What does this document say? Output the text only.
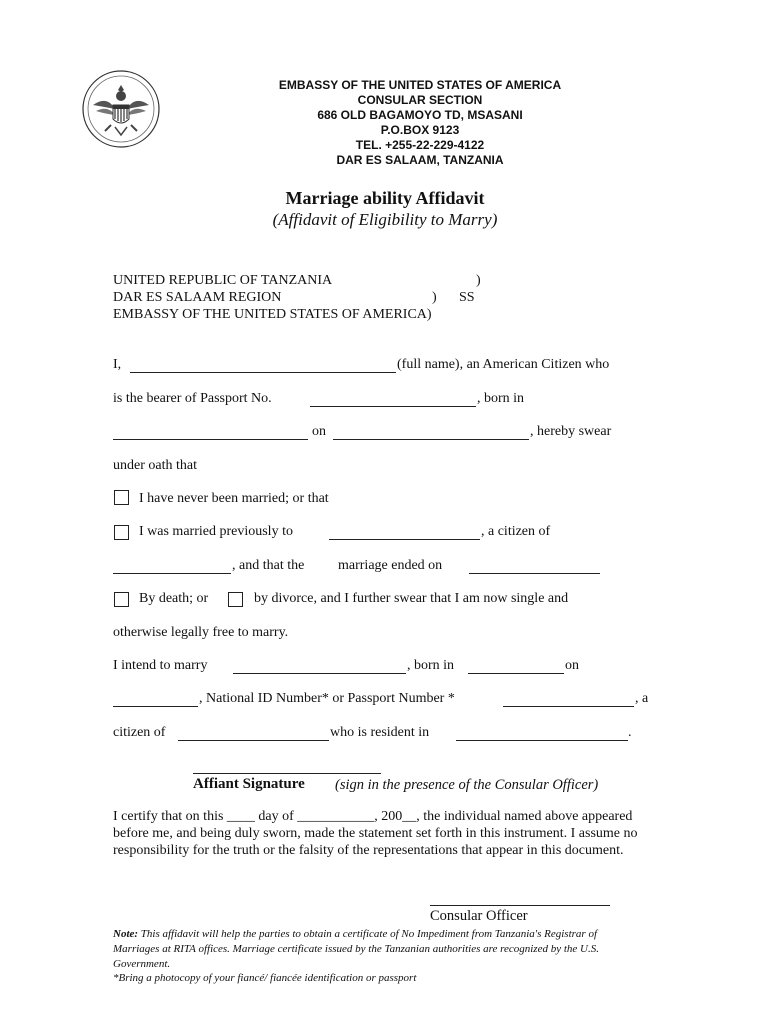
EMBASSY OF THE UNITED STATES OF AMERICA
CONSULAR SECTION
686 OLD BAGAMOYO TD, MSASANI
P.O.BOX 9123
TEL. +255-22-229-4122
DAR ES SALAAM, TANZANIA
Marriage ability Affidavit
(Affidavit of Eligibility to Marry)
UNITED REPUBLIC OF TANZANIA	)
DAR ES SALAAM REGION	) SS
EMBASSY OF THE UNITED STATES OF AMERICA)
I,	(full name), an American Citizen who
is the bearer of Passport No.	, born in
on	, hereby swear
under oath that
I have never been married; or that
I was married previously to	, a citizen of
, and that the marriage ended on
By death; or	by divorce, and I further swear that I am now single and
otherwise legally free to marry.
I intend to marry	, born in	on
, National ID Number* or Passport Number *	, a
citizen of	who is resident in	.
Affiant Signature (sign in the presence of the Consular Officer)
I certify that on this ____ day of ___________, 200__, the individual named above appeared before me, and being duly sworn, made the statement set forth in this instrument. I assume no responsibility for the truth or the falsity of the representations that appear in this document.
Consular Officer
Note: This affidavit will help the parties to obtain a certificate of No Impediment from Tanzania's Registrar of Marriages at RITA offices. Marriage certificate issued by the Tanzanian authorities are recognized by the U.S. Government.
*Bring a photocopy of your fiancé/ fiancée identification or passport
